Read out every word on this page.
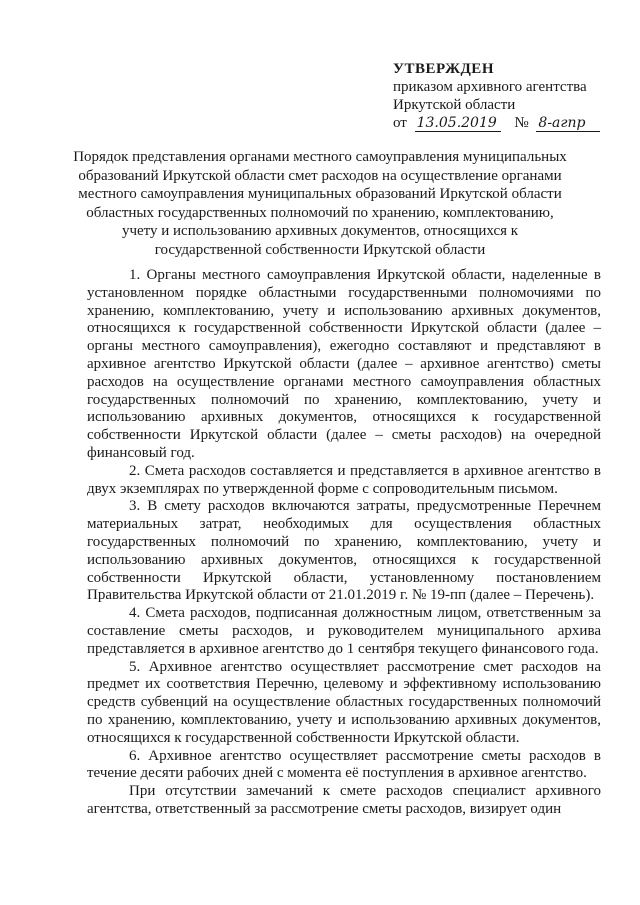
УТВЕРЖДЕН
приказом архивного агентства
Иркутской области
от 13.05.2019 № 8-агпр
Порядок представления органами местного самоуправления муниципальных образований Иркутской области смет расходов на осуществление органами местного самоуправления муниципальных образований Иркутской области областных государственных полномочий по хранению, комплектованию, учету и использованию архивных документов, относящихся к государственной собственности Иркутской области

1. Органы местного самоуправления Иркутской области, наделенные в установленном порядке областными государственными полномочиями по хранению, комплектованию, учету и использованию архивных документов, относящихся к государственной собственности Иркутской области (далее – органы местного самоуправления), ежегодно составляют и представляют в архивное агентство Иркутской области (далее – архивное агентство) сметы расходов на осуществление органами местного самоуправления областных государственных полномочий по хранению, комплектованию, учету и использованию архивных документов, относящихся к государственной собственности Иркутской области (далее – сметы расходов) на очередной финансовый год.

2. Смета расходов составляется и представляется в архивное агентство в двух экземплярах по утвержденной форме с сопроводительным письмом.

3. В смету расходов включаются затраты, предусмотренные Перечнем материальных затрат, необходимых для осуществления областных государственных полномочий по хранению, комплектованию, учету и использованию архивных документов, относящихся к государственной собственности Иркутской области, установленному постановлением Правительства Иркутской области от 21.01.2019 г. № 19-пп (далее – Перечень).

4. Смета расходов, подписанная должностным лицом, ответственным за составление сметы расходов, и руководителем муниципального архива представляется в архивное агентство до 1 сентября текущего финансового года.

5. Архивное агентство осуществляет рассмотрение смет расходов на предмет их соответствия Перечню, целевому и эффективному использованию средств субвенций на осуществление областных государственных полномочий по хранению, комплектованию, учету и использованию архивных документов, относящихся к государственной собственности Иркутской области.

6. Архивное агентство осуществляет рассмотрение сметы расходов в течение десяти рабочих дней с момента её поступления в архивное агентство.

При отсутствии замечаний к смете расходов специалист архивного агентства, ответственный за рассмотрение сметы расходов, визирует один
